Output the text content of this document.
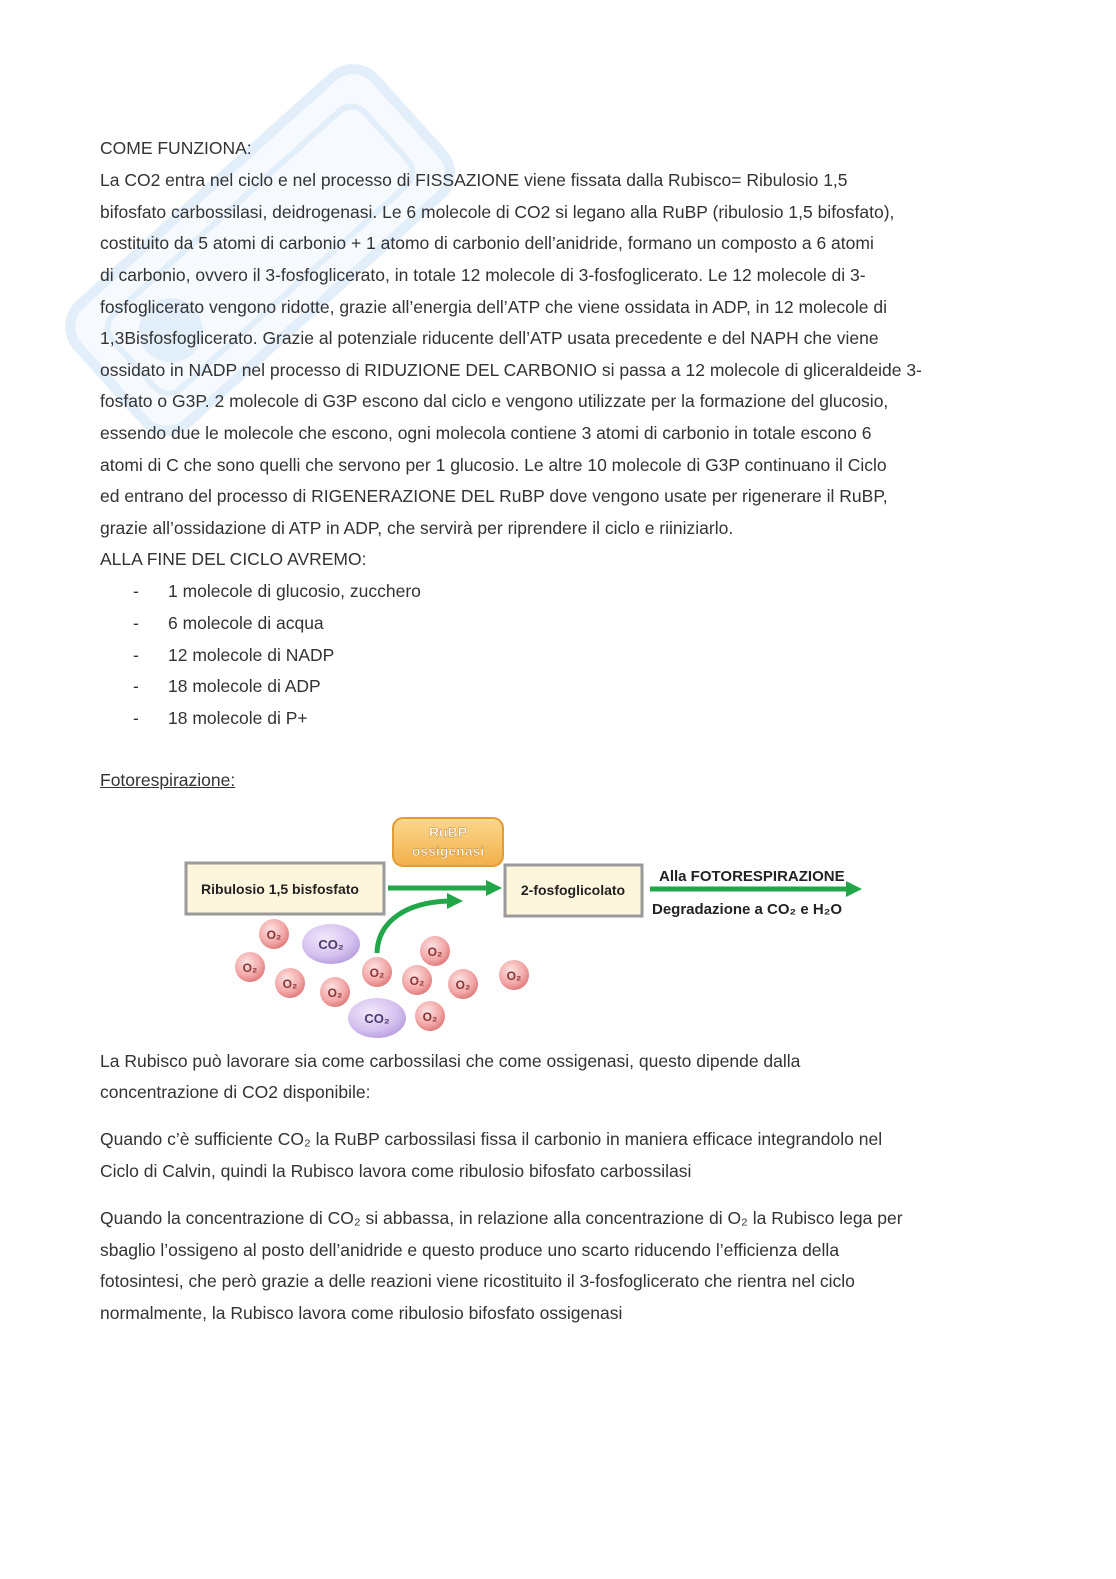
COME FUNZIONA:
La CO2 entra nel ciclo e nel processo di FISSAZIONE viene fissata dalla Rubisco= Ribulosio 1,5
bifosfato carbossilasi, deidrogenasi. Le 6 molecole di CO2 si legano alla RuBP (ribulosio 1,5 bifosfato),
costituito da 5 atomi di carbonio + 1 atomo di carbonio dell’anidride, formano un composto a 6 atomi
di carbonio, ovvero il 3-fosfoglicerato, in totale 12 molecole di 3-fosfoglicerato. Le 12 molecole di 3-
fosfoglicerato vengono ridotte, grazie all’energia dell’ATP che viene ossidata in ADP, in 12 molecole di
1,3Bisfosfoglicerato. Grazie al potenziale riducente dell’ATP usata precedente e del NAPH che viene
ossidato in NADP nel processo di RIDUZIONE DEL CARBONIO si passa a 12 molecole di gliceraldeide 3-
fosfato o G3P. 2 molecole di G3P escono dal ciclo e vengono utilizzate per la formazione del glucosio,
essendo due le molecole che escono, ogni molecola contiene 3 atomi di carbonio in totale escono 6
atomi di C che sono quelli che servono per 1 glucosio. Le altre 10 molecole di G3P continuano il Ciclo
ed entrano del processo di RIGENERAZIONE DEL RuBP dove vengono usate per rigenerare il RuBP,
grazie all’ossidazione di ATP in ADP, che servirà per riprendere il ciclo e riiniziarlo.
ALLA FINE DEL CICLO AVREMO:
- 1 molecole di glucosio, zucchero
- 6 molecole di acqua
- 12 molecole di NADP
- 18 molecole di ADP
- 18 molecole di P+
Fotorespirazione:
RuBP
ossigenasi
Ribulosio 1,5 bisfosfato	2-fosfoglicolato
Alla FOTORESPIRAZIONE
Degradazione a CO₂ e H₂O
CO₂
CO₂
O₂
O₂
O₂
O₂
O₂
O₂
O₂
O₂
O₂
O₂
La Rubisco può lavorare sia come carbossilasi che come ossigenasi, questo dipende dalla
concentrazione di CO2 disponibile:
Quando c’è sufficiente CO₂ la RuBP carbossilasi fissa il carbonio in maniera efficace integrandolo nel
Ciclo di Calvin, quindi la Rubisco lavora come ribulosio bifosfato carbossilasi
Quando la concentrazione di CO₂ si abbassa, in relazione alla concentrazione di O₂ la Rubisco lega per
sbaglio l’ossigeno al posto dell’anidride e questo produce uno scarto riducendo l’efficienza della
fotosintesi, che però grazie a delle reazioni viene ricostituito il 3-fosfoglicerato che rientra nel ciclo
normalmente, la Rubisco lavora come ribulosio bifosfato ossigenasi
